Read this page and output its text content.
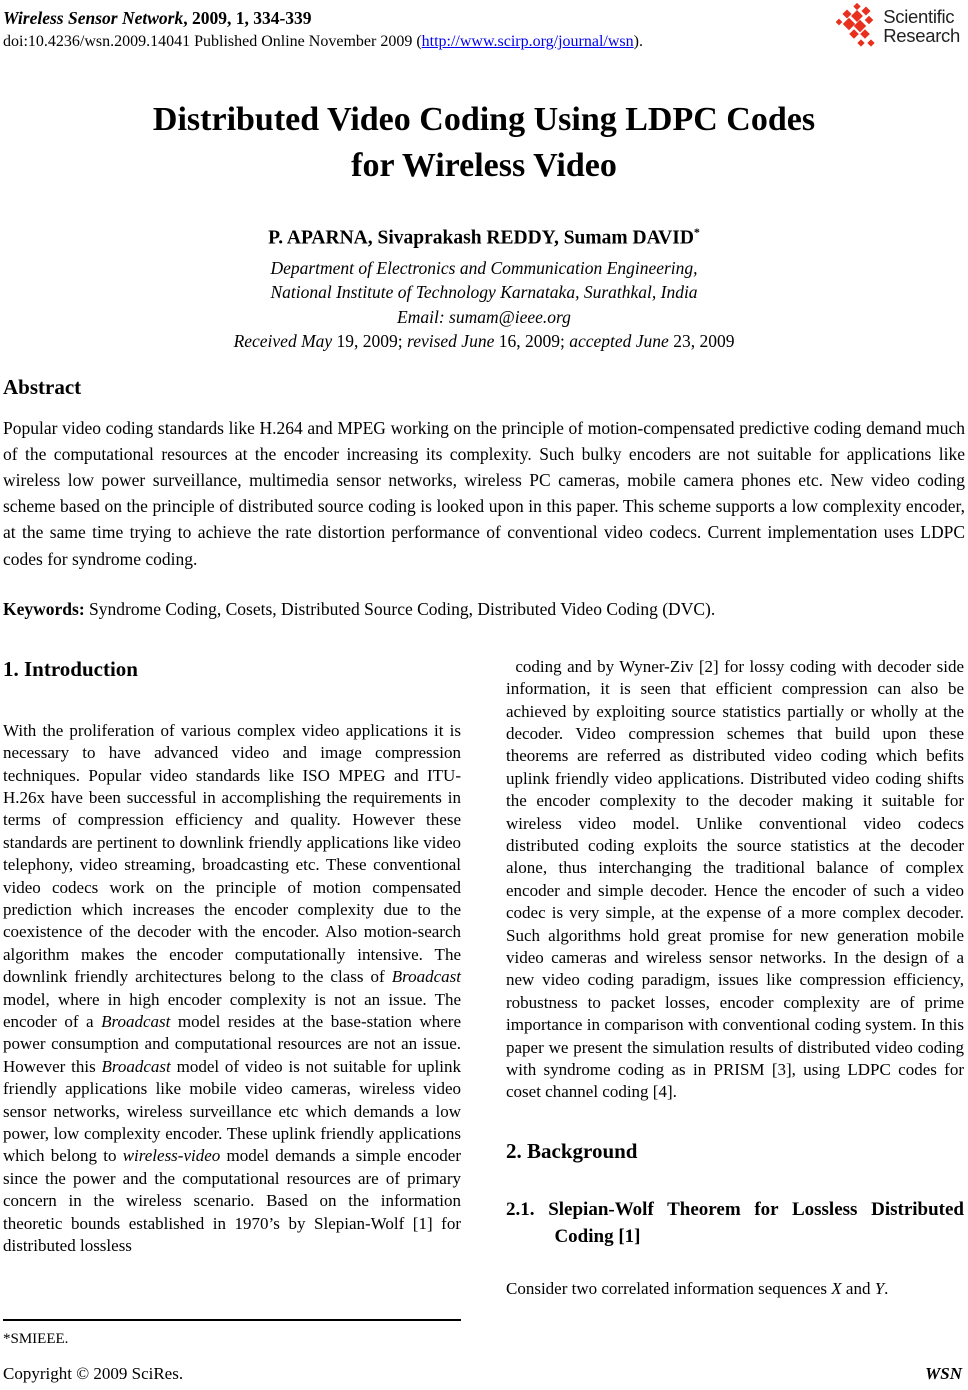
Wireless Sensor Network, 2009, 1, 334-339
doi:10.4236/wsn.2009.14041 Published Online November 2009 (http://www.scirp.org/journal/wsn).
Scientific
Research
Distributed Video Coding Using LDPC Codes
for Wireless Video
P. APARNA, Sivaprakash REDDY, Sumam DAVID*
Department of Electronics and Communication Engineering,
National Institute of Technology Karnataka, Surathkal, India
Email: sumam@ieee.org
Received May 19, 2009; revised June 16, 2009; accepted June 23, 2009
Abstract
Popular video coding standards like H.264 and MPEG working on the principle of motion-compensated predictive coding demand much of the computational resources at the encoder increasing its complexity. Such bulky encoders are not suitable for applications like wireless low power surveillance, multimedia sensor networks, wireless PC cameras, mobile camera phones etc. New video coding scheme based on the principle of distributed source coding is looked upon in this paper. This scheme supports a low complexity encoder, at the same time trying to achieve the rate distortion performance of conventional video codecs. Current implementation uses LDPC codes for syndrome coding.
Keywords: Syndrome Coding, Cosets, Distributed Source Coding, Distributed Video Coding (DVC).
1. Introduction

With the proliferation of various complex video applications it is necessary to have advanced video and image compression techniques. Popular video standards like ISO MPEG and ITU-H.26x have been successful in accomplishing the requirements in terms of compression efficiency and quality. However these standards are pertinent to downlink friendly applications like video telephony, video streaming, broadcasting etc. These conventional video codecs work on the principle of motion compensated prediction which increases the encoder complexity due to the coexistence of the decoder with the encoder. Also motion-search algorithm makes the encoder computationally intensive. The downlink friendly architectures belong to the class of Broadcast model, where in high encoder complexity is not an issue. The encoder of a Broadcast model resides at the base-station where power consumption and computational resources are not an issue. However this Broadcast model of video is not suitable for uplink friendly applications like mobile video cameras, wireless video sensor networks, wireless surveillance etc which demands a low power, low complexity encoder. These uplink friendly applications which belong to wireless-video model demands a simple encoder since the power and the computational resources are of primary concern in the wireless scenario. Based on the information theoretic bounds established in 1970’s by Slepian-Wolf [1] for distributed lossless

*SMIEEE.

coding and by Wyner-Ziv [2] for lossy coding with decoder side information, it is seen that efficient compression can also be achieved by exploiting source statistics partially or wholly at the decoder. Video compression schemes that build upon these theorems are referred as distributed video coding which befits uplink friendly video applications. Distributed video coding shifts the encoder complexity to the decoder making it suitable for wireless video model. Unlike conventional video codecs distributed coding exploits the source statistics at the decoder alone, thus interchanging the traditional balance of complex encoder and simple decoder. Hence the encoder of such a video codec is very simple, at the expense of a more complex decoder. Such algorithms hold great promise for new generation mobile video cameras and wireless sensor networks. In the design of a new video coding paradigm, issues like compression efficiency, robustness to packet losses, encoder complexity are of prime importance in comparison with conventional coding system. In this paper we present the simulation results of distributed video coding with syndrome coding as in PRISM [3], using LDPC codes for coset channel coding [4].

2. Background
2.1. Slepian-Wolf Theorem for Lossless Distributed Coding [1]

Consider two correlated information sequences X and Y.

Copyright © 2009 SciRes.	WSN
